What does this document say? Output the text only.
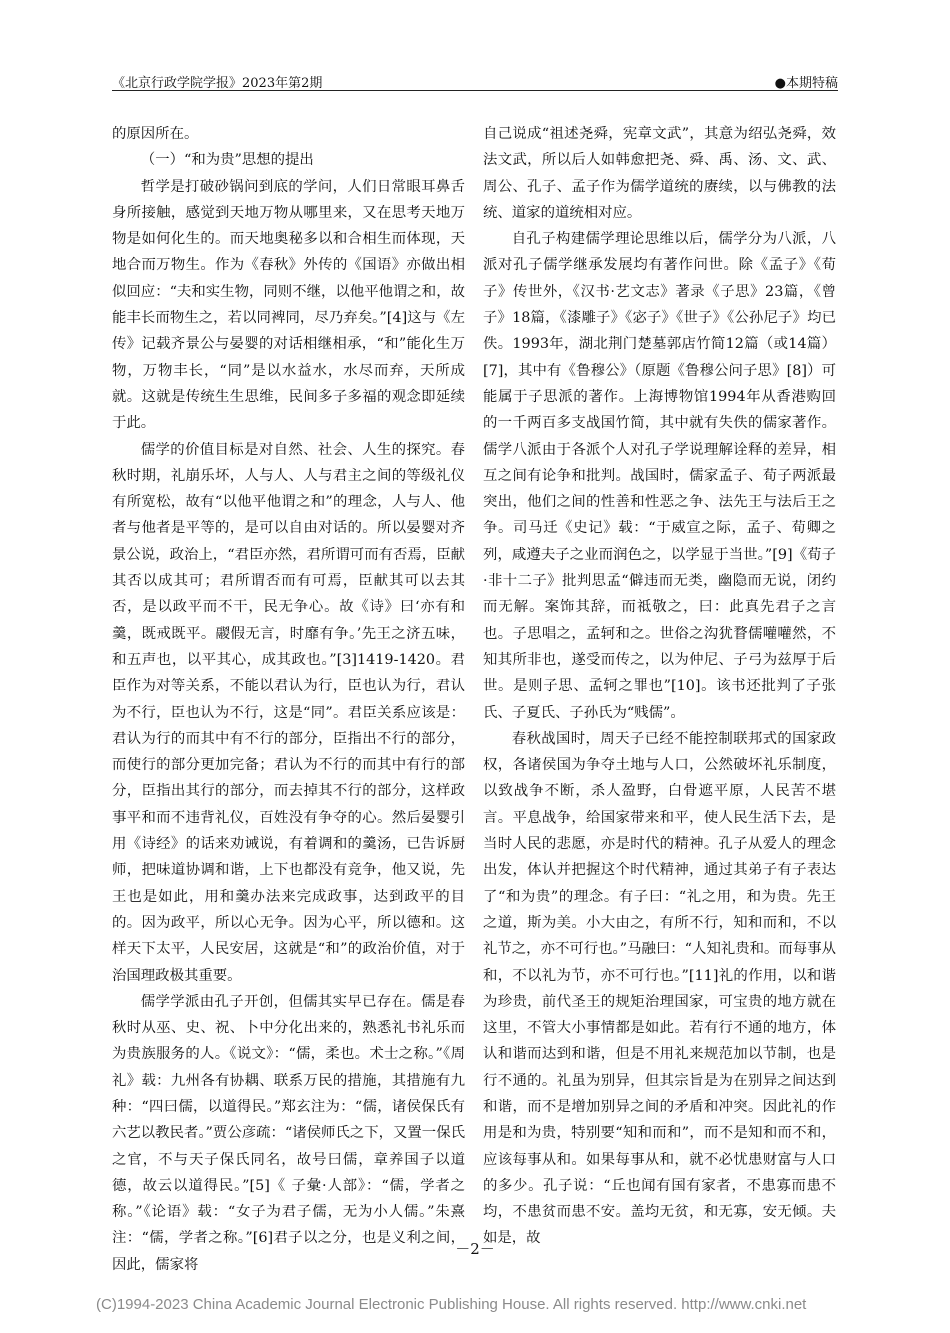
《北京行政学院学报》2023年第2期	●本期特稿

的原因所在。

（一）“和为贵”思想的提出

哲学是打破砂锅问到底的学问，人们日常眼耳鼻舌身所接触，感觉到天地万物从哪里来，又在思考天地万物是如何化生的。而天地奥秘多以和合相生而体现，天地合而万物生。作为《春秋》外传的《国语》亦做出相似回应：“夫和实生物，同则不继，以他平他谓之和，故能丰长而物生之，若以同裨同，尽乃弃矣。”[4]这与《左传》记载齐景公与晏婴的对话相继相承，“和”能化生万物，万物丰长，“同”是以水益水，水尽而弃，天所成就。这就是传统生生思维，民间多子多福的观念即延续于此。

儒学的价值目标是对自然、社会、人生的探究。春秋时期，礼崩乐坏，人与人、人与君主之间的等级礼仪有所宽松，故有“以他平他谓之和”的理念，人与人、他者与他者是平等的，是可以自由对话的。所以晏婴对齐景公说，政治上，“君臣亦然，君所谓可而有否焉，臣献其否以成其可；君所谓否而有可焉，臣献其可以去其否，是以政平而不干，民无争心。故《诗》曰‘亦有和羹，既戒既平。鬷假无言，时靡有争。’先王之济五味，和五声也，以平其心，成其政也。”[3]1419-1420。君臣作为对等关系，不能以君认为行，臣也认为行，君认为不行，臣也认为不行，这是“同”。君臣关系应该是：君认为行的而其中有不行的部分，臣指出不行的部分，而使行的部分更加完备；君认为不行的而其中有行的部分，臣指出其行的部分，而去掉其不行的部分，这样政事平和而不违背礼仪，百姓没有争夺的心。然后晏婴引用《诗经》的话来劝诫说，有着调和的羹汤，已告诉厨师，把味道协调和谐，上下也都没有竞争，他又说，先王也是如此，用和羹办法来完成政事，达到政平的目的。因为政平，所以心无争。因为心平，所以德和。这样天下太平，人民安居，这就是“和”的政治价值，对于治国理政极其重要。

儒学学派由孔子开创，但儒其实早已存在。儒是春秋时从巫、史、祝、卜中分化出来的，熟悉礼书礼乐而为贵族服务的人。《说文》：“儒，柔也。术士之称。”《周礼》载：九州各有协耦、联系万民的措施，其措施有九种：“四曰儒，以道得民。”郑玄注为：“儒，诸侯保氏有六艺以教民者。”贾公彦疏：“诸侯师氏之下，又置一保氏之官，不与天子保氏同名，故号曰儒，章养国子以道德，故云以道得民。”[5]《 子彙·人部》：“儒，学者之称。”《论语》载：“女子为君子儒，无为小人儒。”朱熹注：“儒，学者之称。”[6]君子以之分，也是义利之间，因此，儒家将

自己说成“祖述尧舜，宪章文武”，其意为绍弘尧舜，效法文武，所以后人如韩愈把尧、舜、禹、汤、文、武、周公、孔子、孟子作为儒学道统的赓续，以与佛教的法统、道家的道统相对应。

自孔子构建儒学理论思维以后，儒学分为八派，八派对孔子儒学继承发展均有著作问世。除《孟子》《荀子》传世外，《汉书·艺文志》著录《子思》23篇，《曾子》18篇，《漆雕子》《宓子》《世子》《公孙尼子》均已佚。1993年，湖北荆门楚墓郭店竹简12篇（或14篇）[7]，其中有《鲁穆公》（原题《鲁穆公问子思》[8]）可能属于子思派的著作。上海博物馆1994年从香港购回的一千两百多支战国竹简，其中就有失佚的儒家著作。儒学八派由于各派个人对孔子学说理解诠释的差异，相互之间有论争和批判。战国时，儒家孟子、荀子两派最突出，他们之间的性善和性恶之争、法先王与法后王之争。司马迁《史记》载：“于威宣之际，孟子、荀卿之列，咸遵夫子之业而润色之，以学显于当世。”[9]《荀子·非十二子》批判思孟“僻违而无类，幽隐而无说，闭约而无解。案饰其辞，而祗敬之，曰：此真先君子之言也。子思唱之，孟轲和之。世俗之沟犹瞀儒嚾嚾然，不知其所非也，遂受而传之，以为仲尼、子弓为兹厚于后世。是则子思、孟轲之罪也”[10]。该书还批判了子张氏、子夏氏、子孙氏为“贱儒”。

春秋战国时，周天子已经不能控制联邦式的国家政权，各诸侯国为争夺土地与人口，公然破坏礼乐制度，以致战争不断，杀人盈野，白骨遮平原，人民苦不堪言。平息战争，给国家带来和平，使人民生活下去，是当时人民的悲愿，亦是时代的精神。孔子从爱人的理念出发，体认并把握这个时代精神，通过其弟子有子表达了“和为贵”的理念。有子曰：“礼之用，和为贵。先王之道，斯为美。小大由之，有所不行，知和而和，不以礼节之，亦不可行也。”马融曰：“人知礼贵和。而每事从和，不以礼为节，亦不可行也。”[11]礼的作用，以和谐为珍贵，前代圣王的规矩治理国家，可宝贵的地方就在这里，不管大小事情都是如此。若有行不通的地方，体认和谐而达到和谐，但是不用礼来规范加以节制，也是行不通的。礼虽为别异，但其宗旨是为在别异之间达到和谐，而不是增加别异之间的矛盾和冲突。因此礼的作用是和为贵，特别要“知和而和”，而不是知和而不和，应该每事从和。如果每事从和，就不必忧患财富与人口的多少。孔子说：“丘也闻有国有家者，不患寡而患不均，不患贫而患不安。盖均无贫，和无寡，安无倾。夫如是，故

－2－
(C)1994-2023 China Academic Journal Electronic Publishing House. All rights reserved. http://www.cnki.net
